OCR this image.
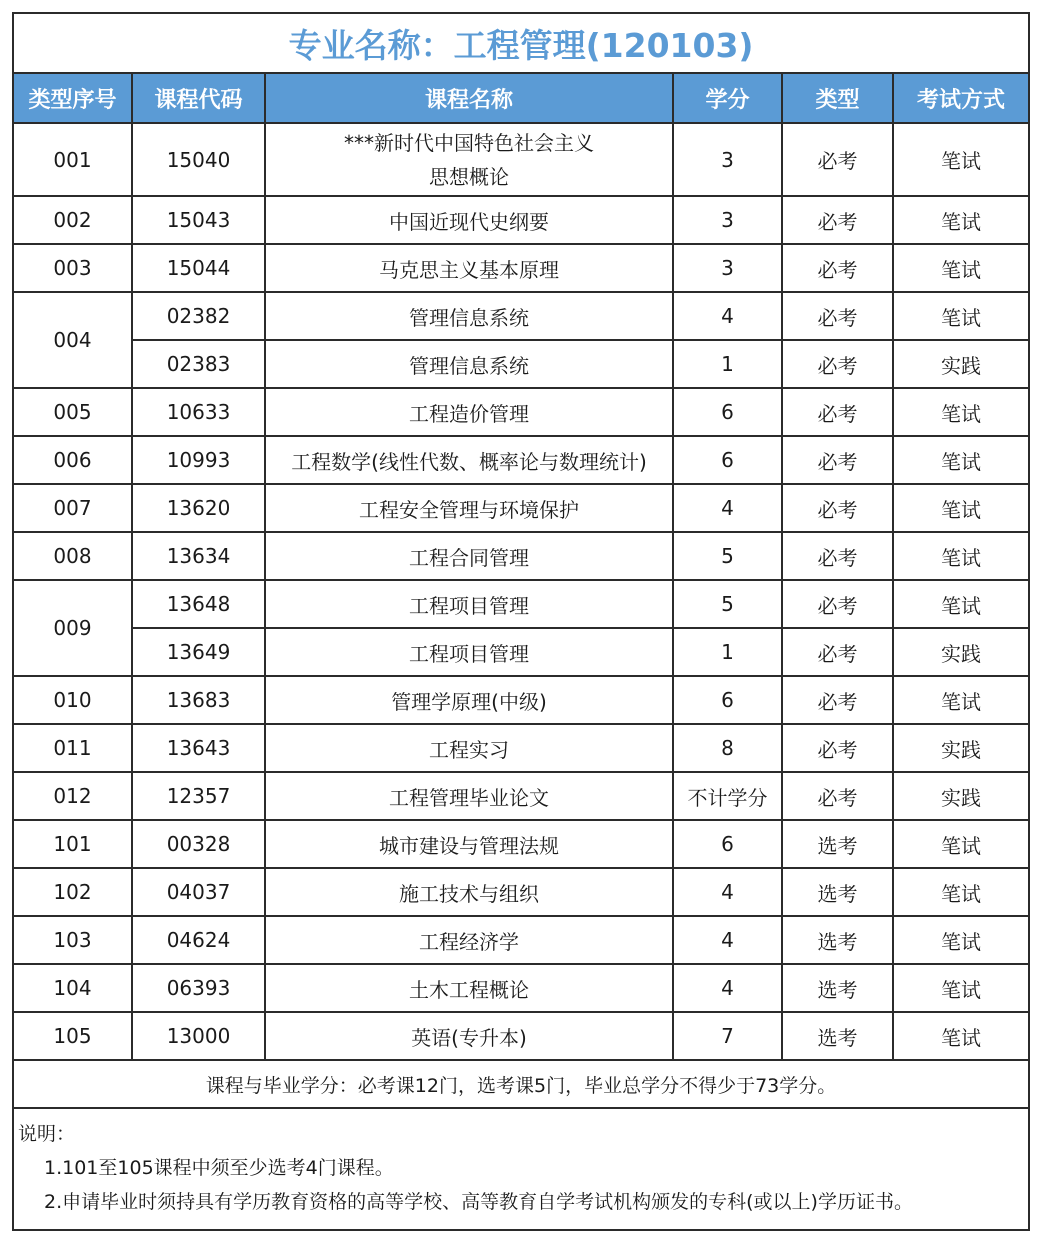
专业名称：工程管理(120103)					
类型序号	课程代码	课程名称	学分	类型	考试方式
001	15040	***新时代中国特色社会主义
思想概论	3	必考	笔试
002	15043	中国近现代史纲要	3	必考	笔试
003	15044	马克思主义基本原理	3	必考	笔试
004	02382	管理信息系统	4	必考	笔试
	02383	管理信息系统	1	必考	实践
005	10633	工程造价管理	6	必考	笔试
006	10993	工程数学(线性代数、概率论与数理统计)	6	必考	笔试
007	13620	工程安全管理与环境保护	4	必考	笔试
008	13634	工程合同管理	5	必考	笔试
009	13648	工程项目管理	5	必考	笔试
	13649	工程项目管理	1	必考	实践
010	13683	管理学原理(中级)	6	必考	笔试
011	13643	工程实习	8	必考	实践
012	12357	工程管理毕业论文	不计学分	必考	实践
101	00328	城市建设与管理法规	6	选考	笔试
102	04037	施工技术与组织	4	选考	笔试
103	04624	工程经济学	4	选考	笔试
104	06393	土木工程概论	4	选考	笔试
105	13000	英语(专升本)	7	选考	笔试
课程与毕业学分：必考课12门，选考课5门，毕业总学分不得少于73学分。					

说明：
1.101至105课程中须至少选考4门课程。
2.申请毕业时须持具有学历教育资格的高等学校、高等教育自学考试机构颁发的专科(或以上)学历证书。					
